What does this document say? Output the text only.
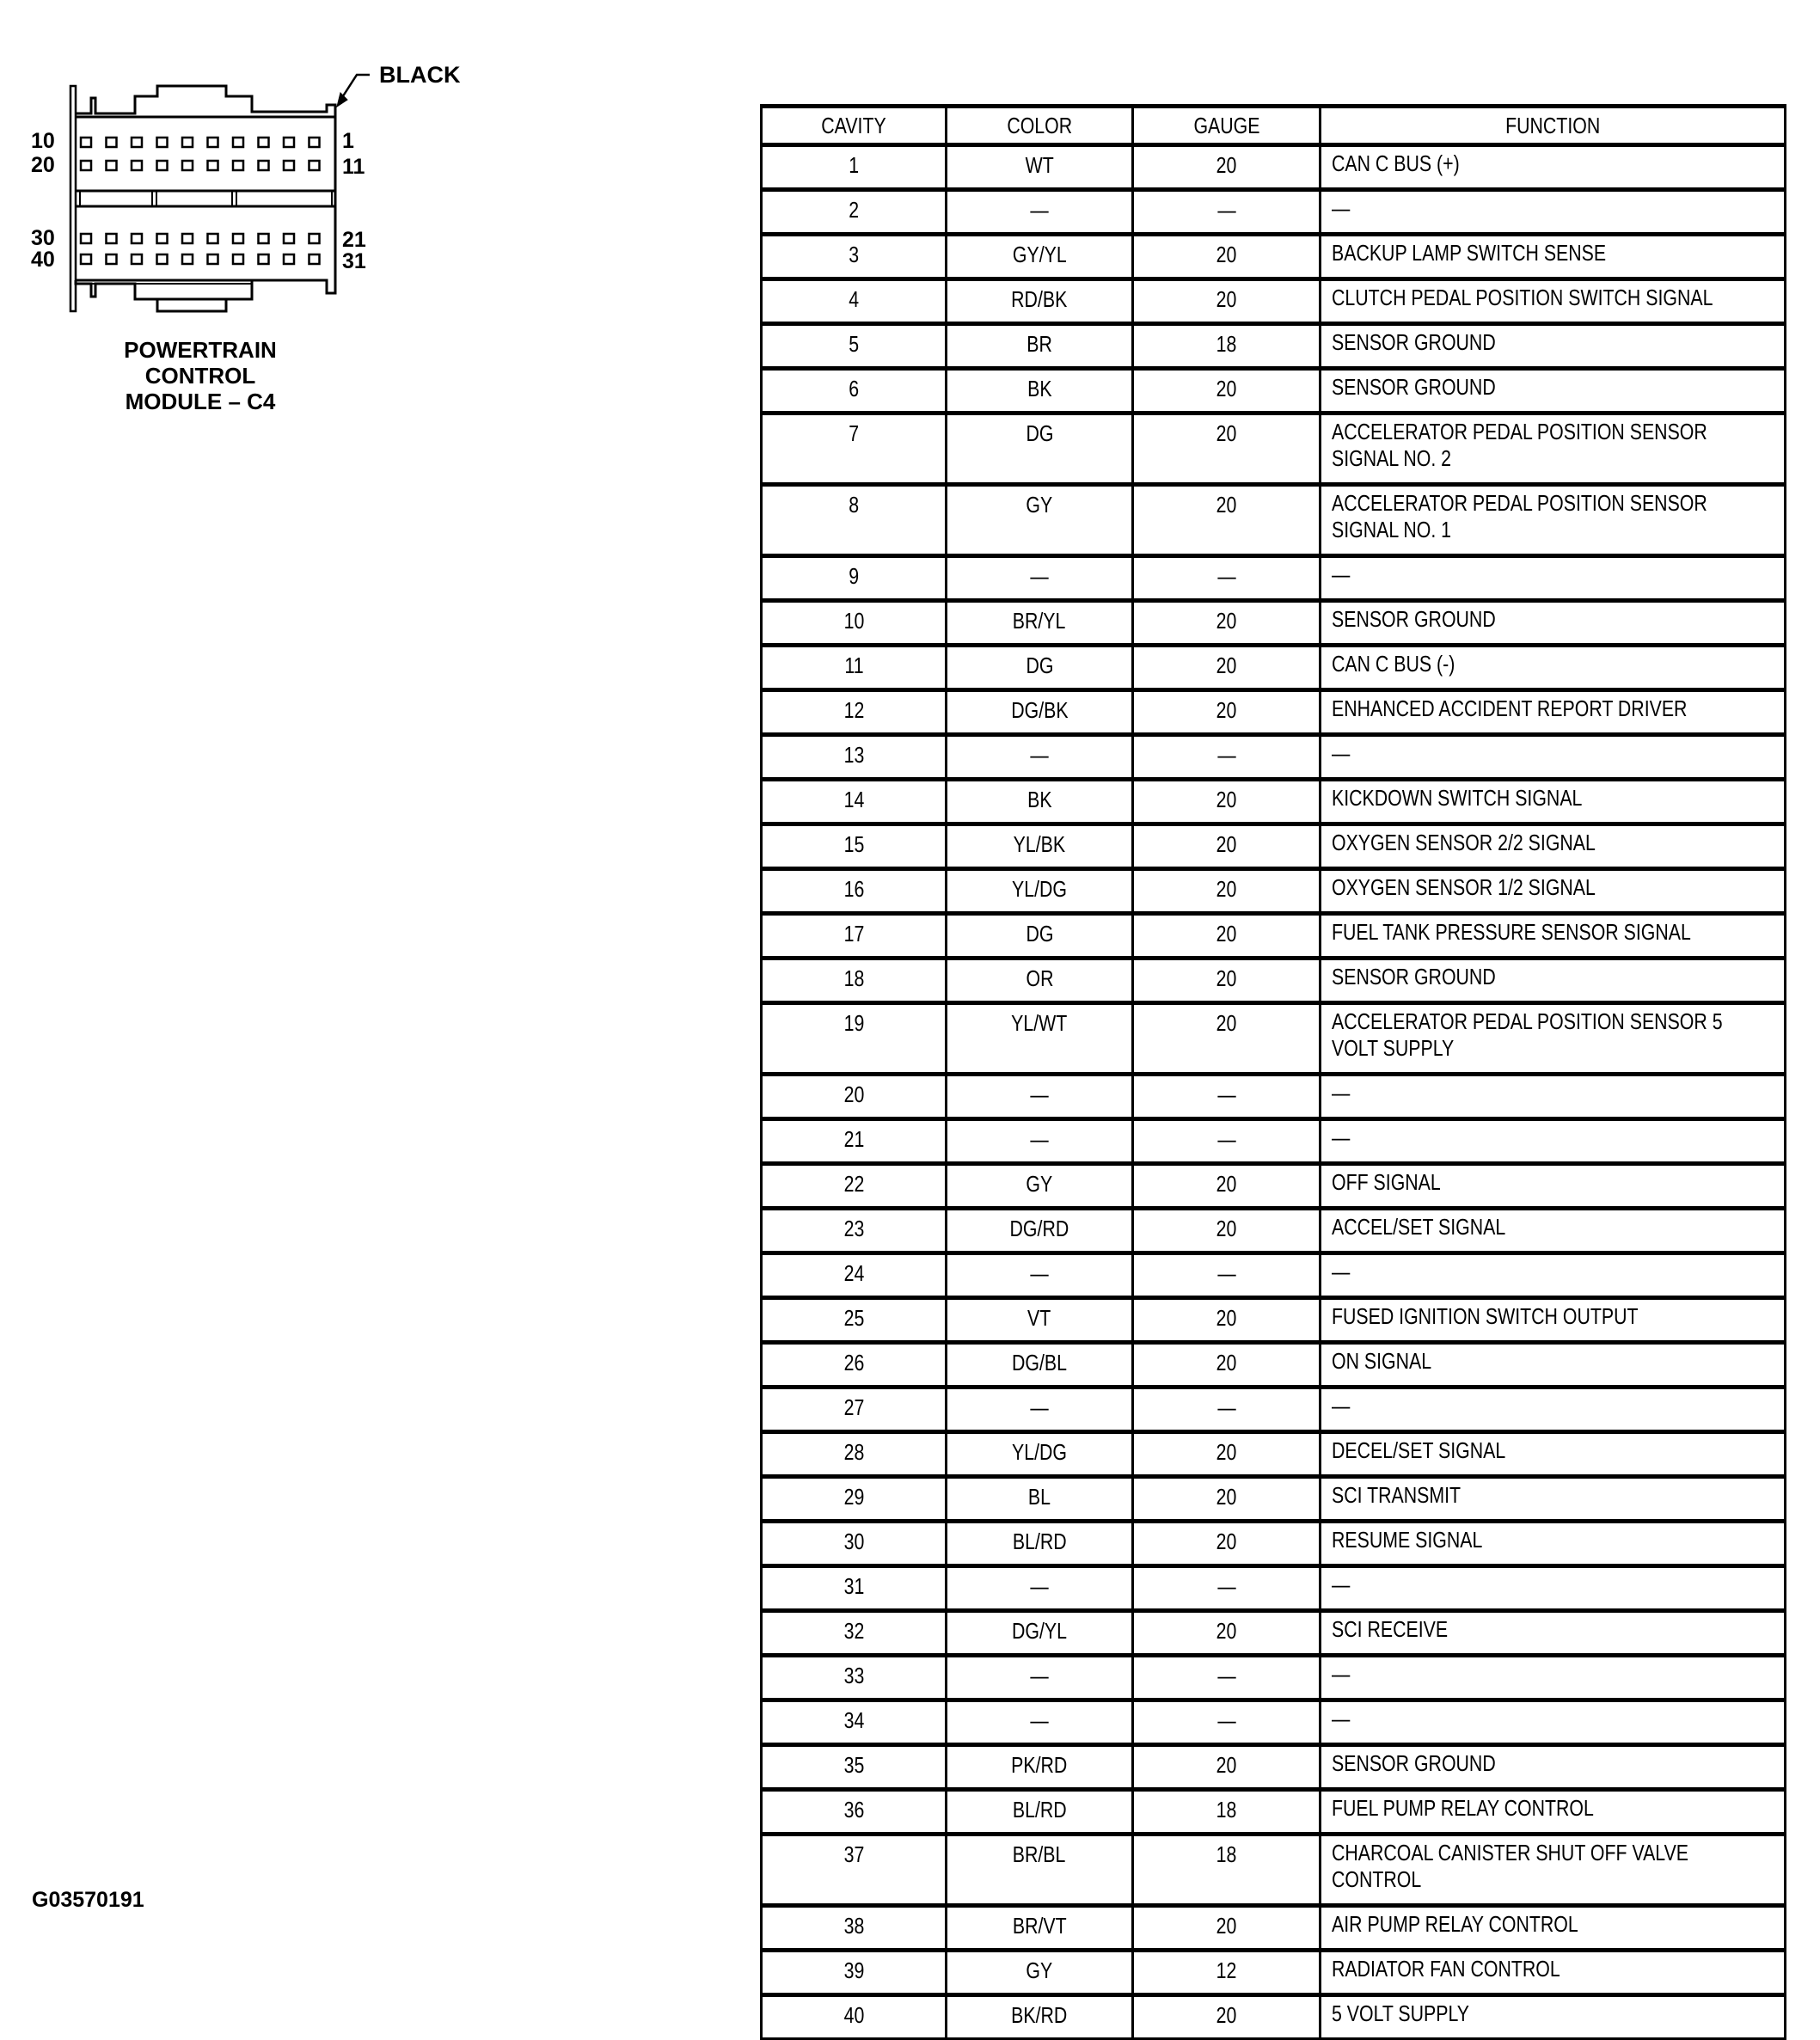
10	1
20	11
30	21
40	31
BLACK
POWERTRAIN
CONTROL
MODULE – C4
CAVITY	COLOR	GAUGE	FUNCTION
1	WT	20	CAN C BUS (+)
2	—	—	—
3	GY/YL	20	BACKUP LAMP SWITCH SENSE
4	RD/BK	20	CLUTCH PEDAL POSITION SWITCH SIGNAL
5	BR	18	SENSOR GROUND
6	BK	20	SENSOR GROUND
7	DG	20	ACCELERATOR PEDAL POSITION SENSOR SIGNAL NO. 2
8	GY	20	ACCELERATOR PEDAL POSITION SENSOR SIGNAL NO. 1
9	—	—	—
10	BR/YL	20	SENSOR GROUND
11	DG	20	CAN C BUS (-)
12	DG/BK	20	ENHANCED ACCIDENT REPORT DRIVER
13	—	—	—
14	BK	20	KICKDOWN SWITCH SIGNAL
15	YL/BK	20	OXYGEN SENSOR 2/2 SIGNAL
16	YL/DG	20	OXYGEN SENSOR 1/2 SIGNAL
17	DG	20	FUEL TANK PRESSURE SENSOR SIGNAL
18	OR	20	SENSOR GROUND
19	YL/WT	20	ACCELERATOR PEDAL POSITION SENSOR 5 VOLT SUPPLY
20	—	—	—
21	—	—	—
22	GY	20	OFF SIGNAL
23	DG/RD	20	ACCEL/SET SIGNAL
24	—	—	—
25	VT	20	FUSED IGNITION SWITCH OUTPUT
26	DG/BL	20	ON SIGNAL
27	—	—	—
28	YL/DG	20	DECEL/SET SIGNAL
29	BL	20	SCI TRANSMIT
30	BL/RD	20	RESUME SIGNAL
31	—	—	—
32	DG/YL	20	SCI RECEIVE
33	—	—	—
34	—	—	—
35	PK/RD	20	SENSOR GROUND
36	BL/RD	18	FUEL PUMP RELAY CONTROL
37	BR/BL	18	CHARCOAL CANISTER SHUT OFF VALVE CONTROL
38	BR/VT	20	AIR PUMP RELAY CONTROL
39	GY	12	RADIATOR FAN CONTROL
40	BK/RD	20	5 VOLT SUPPLY
G03570191
